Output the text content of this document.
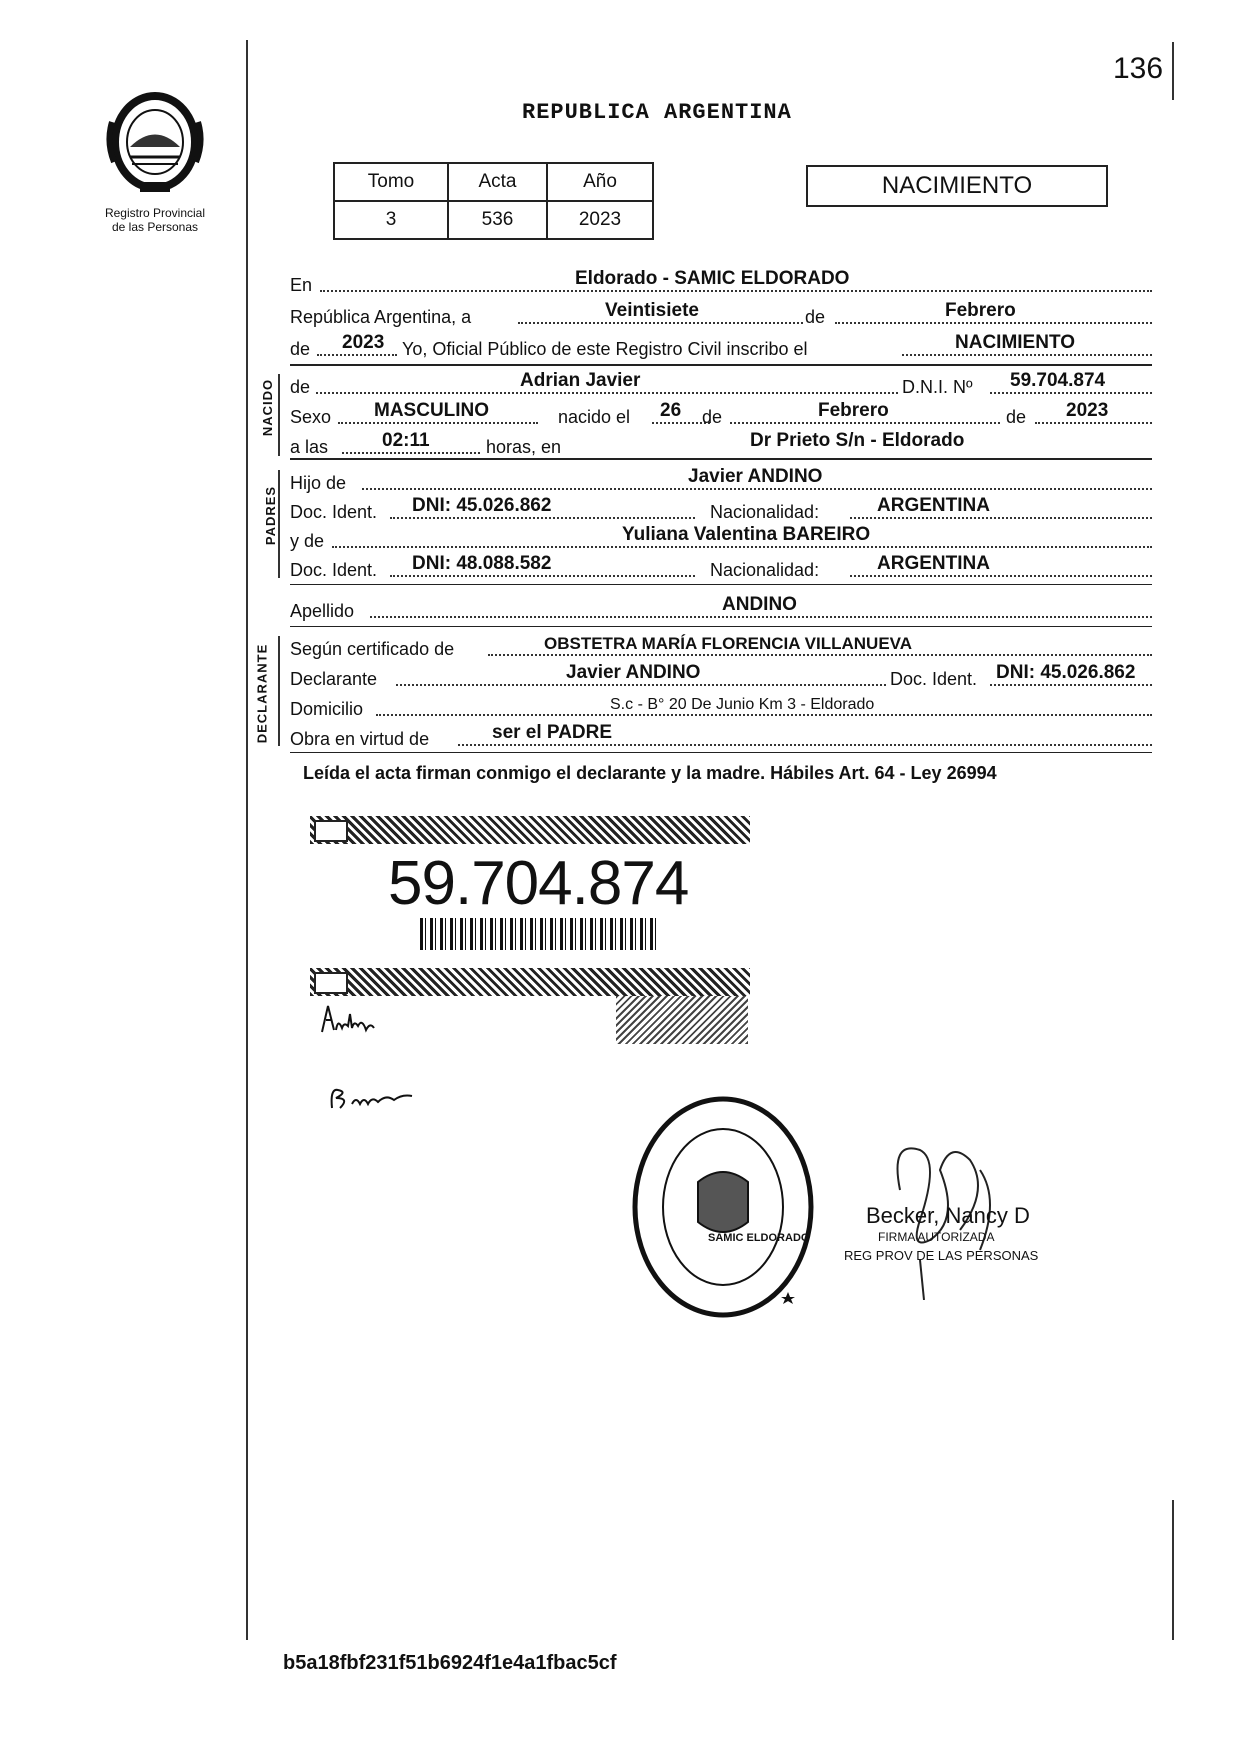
136
Registro Provincial
de las Personas
REPUBLICA ARGENTINA
Tomo	Acta	Año
3	536	2023
NACIMIENTO
En	Eldorado - SAMIC ELDORADO
República Argentina, a	Veintisiete	de	Febrero
de 2023 Yo, Oficial Público de este Registro Civil inscribo el	NACIMIENTO
NACIDO de	Adrian Javier	D.N.I. Nº 59.704.874
Sexo MASCULINO	nacido el 26 de	Febrero	de 2023
a las	02:11	horas, en	Dr Prieto S/n - Eldorado
PADRES
Hijo de	Javier ANDINO
Doc. Ident. DNI: 45.026.862	Nacionalidad:	ARGENTINA
y de	Yuliana Valentina BAREIRO
Doc. Ident. DNI: 48.088.582	Nacionalidad:	ARGENTINA
Apellido	ANDINO
DECLARANTE Según certificado de	OBSTETRA MARÍA FLORENCIA VILLANUEVA
Declarante	Javier ANDINO	Doc. Ident. DNI: 45.026.862
Domicilio	S.c - B° 20 De Junio Km 3 - Eldorado
Obra en virtud de	ser el PADRE
Leída el acta firman conmigo el declarante y la madre. Hábiles Art. 64 - Ley 26994
59.704.874
SAMIC ELDORADO
Becker, Nancy D
FIRMA AUTORIZADA
REG PROV DE LAS PERSONAS
b5a18fbf231f51b6924f1e4a1fbac5cf
